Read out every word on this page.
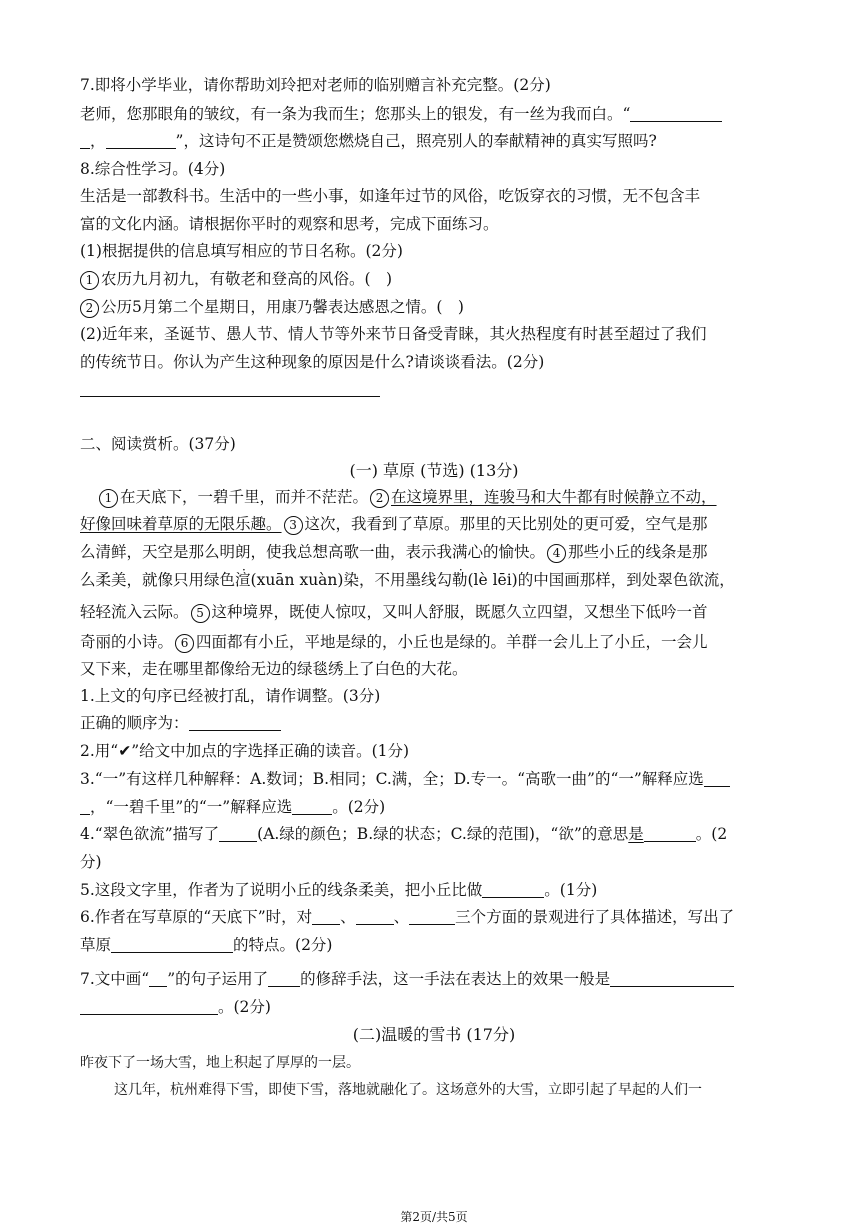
7.即将小学毕业，请你帮助刘玲把对老师的临别赠言补充完整。(2分)
老师，您那眼角的皱纹，有一条为我而生；您那头上的银发，有一丝为我而白。“
，	”，这诗句不正是赞颂您燃烧自己，照亮别人的奉献精神的真实写照吗?
8.综合性学习。(4分)
生活是一部教科书。生活中的一些小事，如逢年过节的风俗，吃饭穿衣的习惯，无不包含丰
富的文化内涵。请根据你平时的观察和思考，完成下面练习。
(1)根据提供的信息填写相应的节日名称。(2分)
1 农历九月初九，有敬老和登高的风俗。(　)
2 公历5月第二个星期日，用康乃馨表达感恩之情。(　)
(2)近年来，圣诞节、愚人节、情人节等外来节日备受青睐，其火热程度有时甚至超过了我们
的传统节日。你认为产生这种现象的原因是什么?请谈谈看法。(2分)
二、阅读赏析。(37分)
(一) 草原 (节选) (13分)
1 在天底下，一碧千里，而并不茫茫。 2 在这境界里，连骏马和大牛都有时候静立不动，
好像回味着草原的无限乐趣。 3 这次，我看到了草原。那里的天比别处的更可爱，空气是那
么清鲜，天空是那么明朗，使我总想高歌一曲，表示我满心的愉快。 4 那些小丘的线条是那
么柔美，就像只用绿色渲(xuān xuàn)染，不用墨线勾勒(lè lēi)的中国画那样，到处翠色欲流，
轻轻流入云际。 5 这种境界，既使人惊叹，又叫人舒服，既愿久立四望，又想坐下低吟一首
奇丽的小诗。 6 四面都有小丘，平地是绿的，小丘也是绿的。羊群一会儿上了小丘，一会儿
又下来，走在哪里都像给无边的绿毯绣上了白色的大花。
1.上文的句序已经被打乱，请作调整。(3分)
正确的顺序为：
2.用“✔”给文中加点的字选择正确的读音。(1分)
3.“一”有这样几种解释：A.数词；B.相同；C.满，全；D.专一。“高歌一曲”的“一”解释应选
，“一碧千里”的“一”解释应选	。(2分)
4.“翠色欲流”描写了 (A.绿的颜色；B.绿的状态；C.绿的范围)，“欲”的意思是	。(2
分)
5.这段文字里，作者为了说明小丘的线条柔美，把小丘比做	。(1分)
6.作者在写草原的“天底下”时，对 、 、	三个方面的景观进行了具体描述，写出了
草原	的特点。(2分)
7.文中画“ ”的句子运用了 的修辞手法，这一手法在表达上的效果一般是
。(2分)
(二)温暖的雪书 (17分)
昨夜下了一场大雪，地上积起了厚厚的一层。
　这几年，杭州难得下雪，即使下雪，落地就融化了。这场意外的大雪，立即引起了早起的人们一
第2页/共5页
